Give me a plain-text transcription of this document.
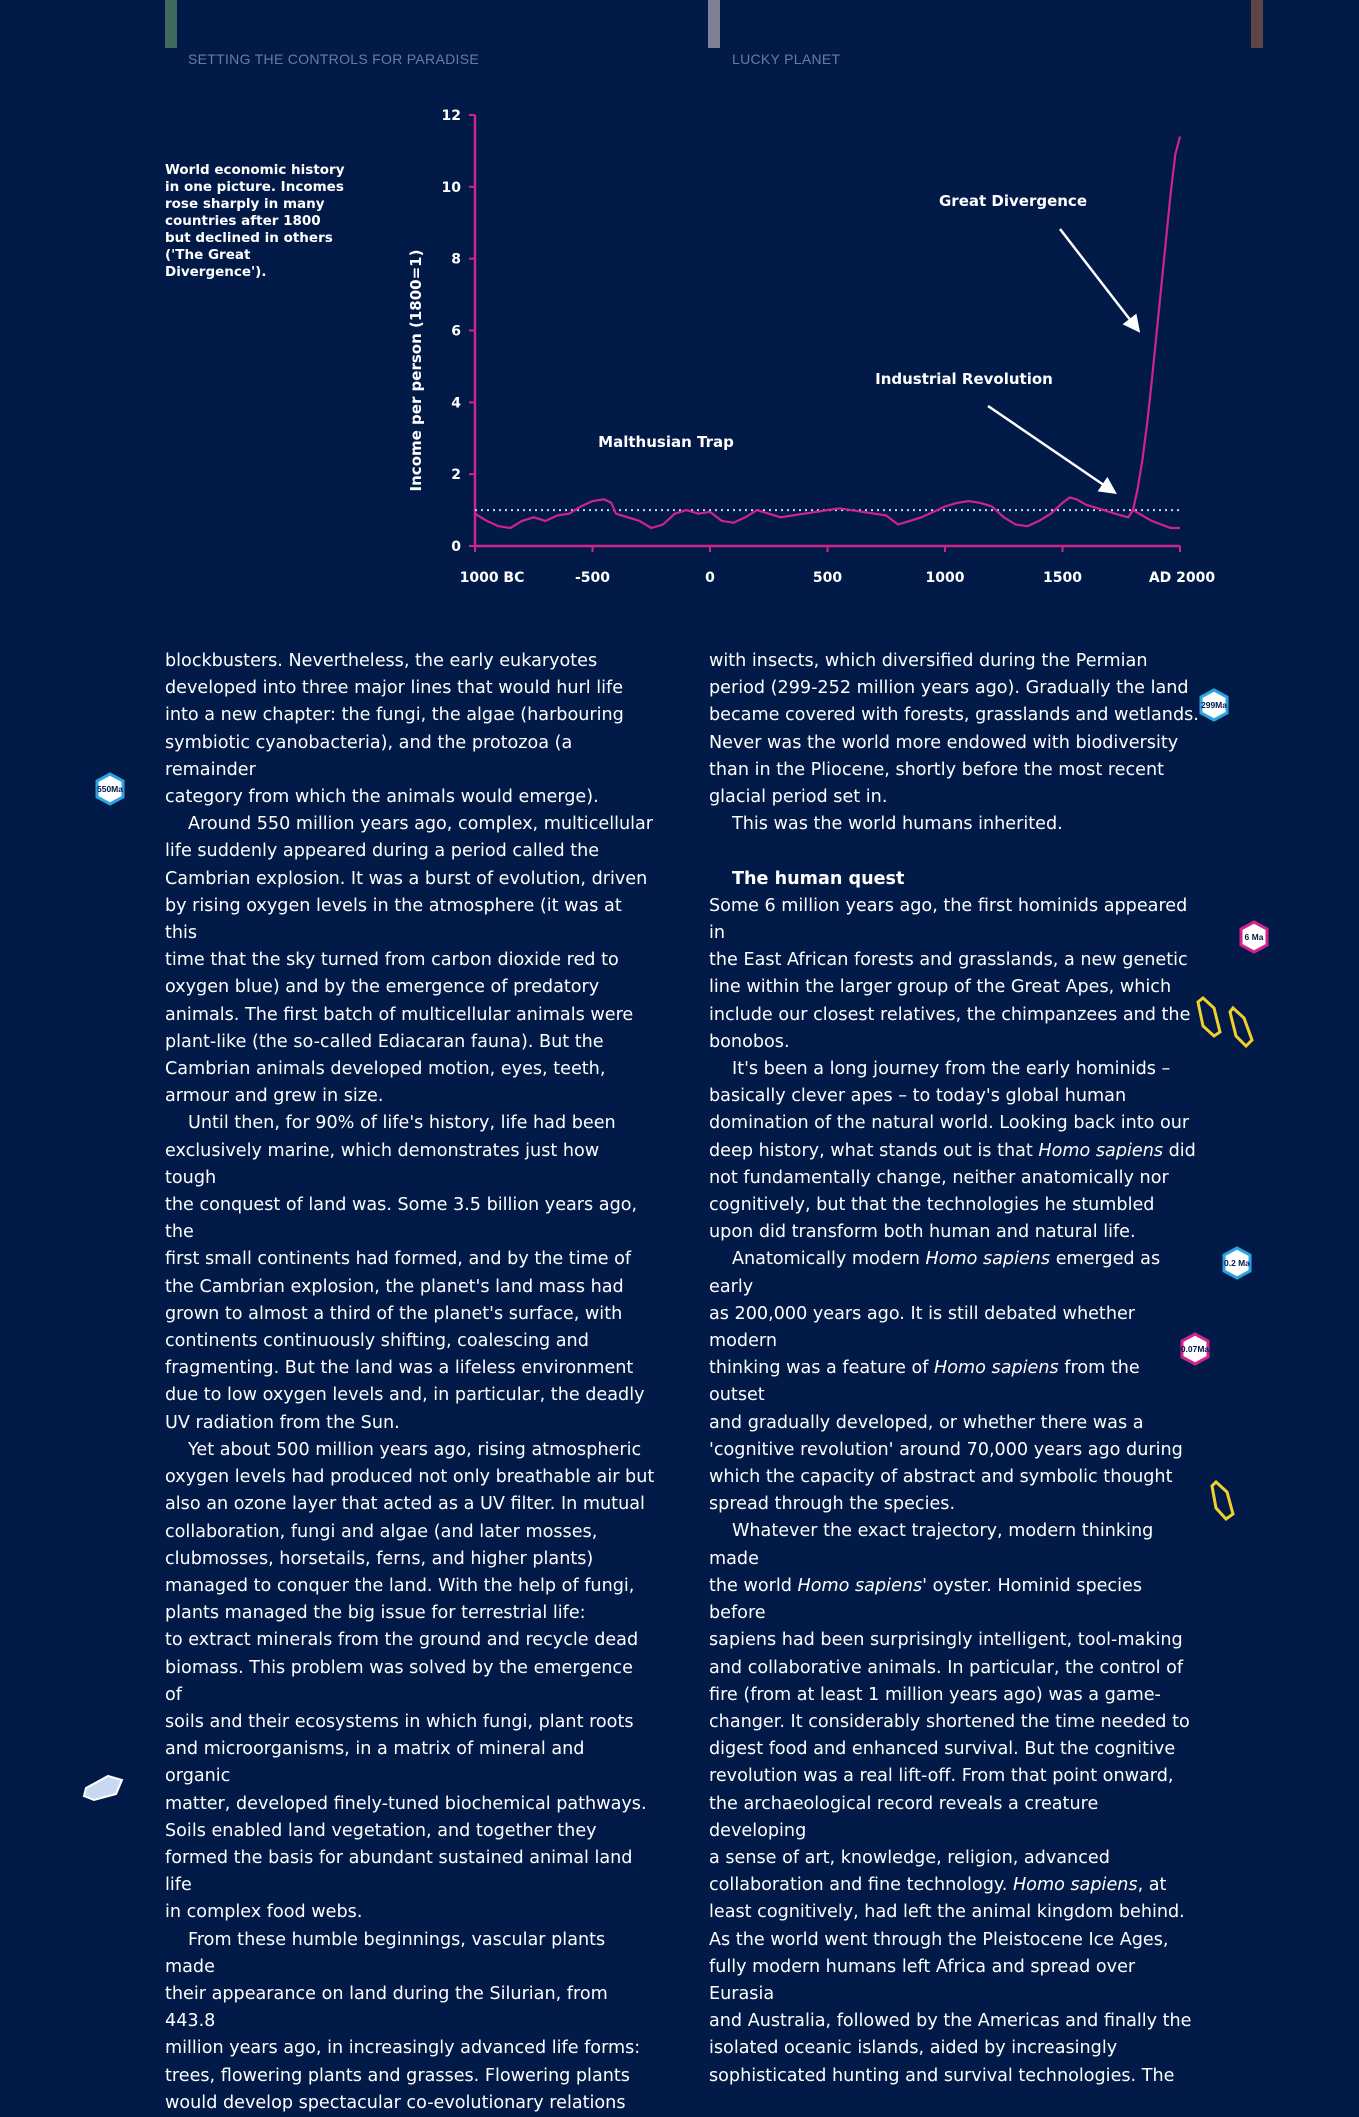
SETTING THE CONTROLS FOR PARADISE	LUCKY PLANET

World economic history in one picture. Incomes rose sharply in many countries after 1800 but declined in others ('The Great Divergence').

0
2
4
6
8
10
12
1000 BC	-500	0	500	1000	1500	AD 2000
Income per person (1800=1)
Great Divergence
Industrial Revolution
Malthusian Trap

blockbusters. Nevertheless, the early eukaryotes
developed into three major lines that would hurl life
into a new chapter: the fungi, the algae (harbouring
symbiotic cyanobacteria), and the protozoa (a remainder
category from which the animals would emerge).

Around 550 million years ago, complex, multicellular
life suddenly appeared during a period called the
Cambrian explosion. It was a burst of evolution, driven
by rising oxygen levels in the atmosphere (it was at this
time that the sky turned from carbon dioxide red to
oxygen blue) and by the emergence of predatory
animals. The first batch of multicellular animals were
plant-like (the so-called Ediacaran fauna). But the
Cambrian animals developed motion, eyes, teeth,
armour and grew in size.

Until then, for 90% of life's history, life had been
exclusively marine, which demonstrates just how tough
the conquest of land was. Some 3.5 billion years ago, the
first small continents had formed, and by the time of
the Cambrian explosion, the planet's land mass had
grown to almost a third of the planet's surface, with
continents continuously shifting, coalescing and
fragmenting. But the land was a lifeless environment
due to low oxygen levels and, in particular, the deadly
UV radiation from the Sun.

Yet about 500 million years ago, rising atmospheric
oxygen levels had produced not only breathable air but
also an ozone layer that acted as a UV filter. In mutual
collaboration, fungi and algae (and later mosses,
clubmosses, horsetails, ferns, and higher plants)
managed to conquer the land. With the help of fungi,
plants managed the big issue for terrestrial life:
to extract minerals from the ground and recycle dead
biomass. This problem was solved by the emergence of
soils and their ecosystems in which fungi, plant roots
and microorganisms, in a matrix of mineral and organic
matter, developed finely-tuned biochemical pathways.
Soils enabled land vegetation, and together they
formed the basis for abundant sustained animal land life
in complex food webs.

From these humble beginnings, vascular plants made
their appearance on land during the Silurian, from 443.8
million years ago, in increasingly advanced life forms:
trees, flowering plants and grasses. Flowering plants
would develop spectacular co-evolutionary relations

with insects, which diversified during the Permian
period (299-252 million years ago). Gradually the land
became covered with forests, grasslands and wetlands.
Never was the world more endowed with biodiversity
than in the Pliocene, shortly before the most recent
glacial period set in.

This was the world humans inherited.

The human quest

Some 6 million years ago, the first hominids appeared in
the East African forests and grasslands, a new genetic
line within the larger group of the Great Apes, which
include our closest relatives, the chimpanzees and the
bonobos.

It's been a long journey from the early hominids –
basically clever apes – to today's global human
domination of the natural world. Looking back into our
deep history, what stands out is that Homo sapiens did
not fundamentally change, neither anatomically nor
cognitively, but that the technologies he stumbled
upon did transform both human and natural life.

Anatomically modern Homo sapiens emerged as early
as 200,000 years ago. It is still debated whether modern
thinking was a feature of Homo sapiens from the outset
and gradually developed, or whether there was a
'cognitive revolution' around 70,000 years ago during
which the capacity of abstract and symbolic thought
spread through the species.

Whatever the exact trajectory, modern thinking made
the world Homo sapiens' oyster. Hominid species before
sapiens had been surprisingly intelligent, tool-making
and collaborative animals. In particular, the control of
fire (from at least 1 million years ago) was a game-
changer. It considerably shortened the time needed to
digest food and enhanced survival. But the cognitive
revolution was a real lift-off. From that point onward,
the archaeological record reveals a creature developing
a sense of art, knowledge, religion, advanced
collaboration and fine technology. Homo sapiens, at
least cognitively, had left the animal kingdom behind.
As the world went through the Pleistocene Ice Ages,
fully modern humans left Africa and spread over Eurasia
and Australia, followed by the Americas and finally the
isolated oceanic islands, aided by increasingly
sophisticated hunting and survival technologies. The

550Ma
299Ma
6 Ma
0.2 Ma
0.07Ma
